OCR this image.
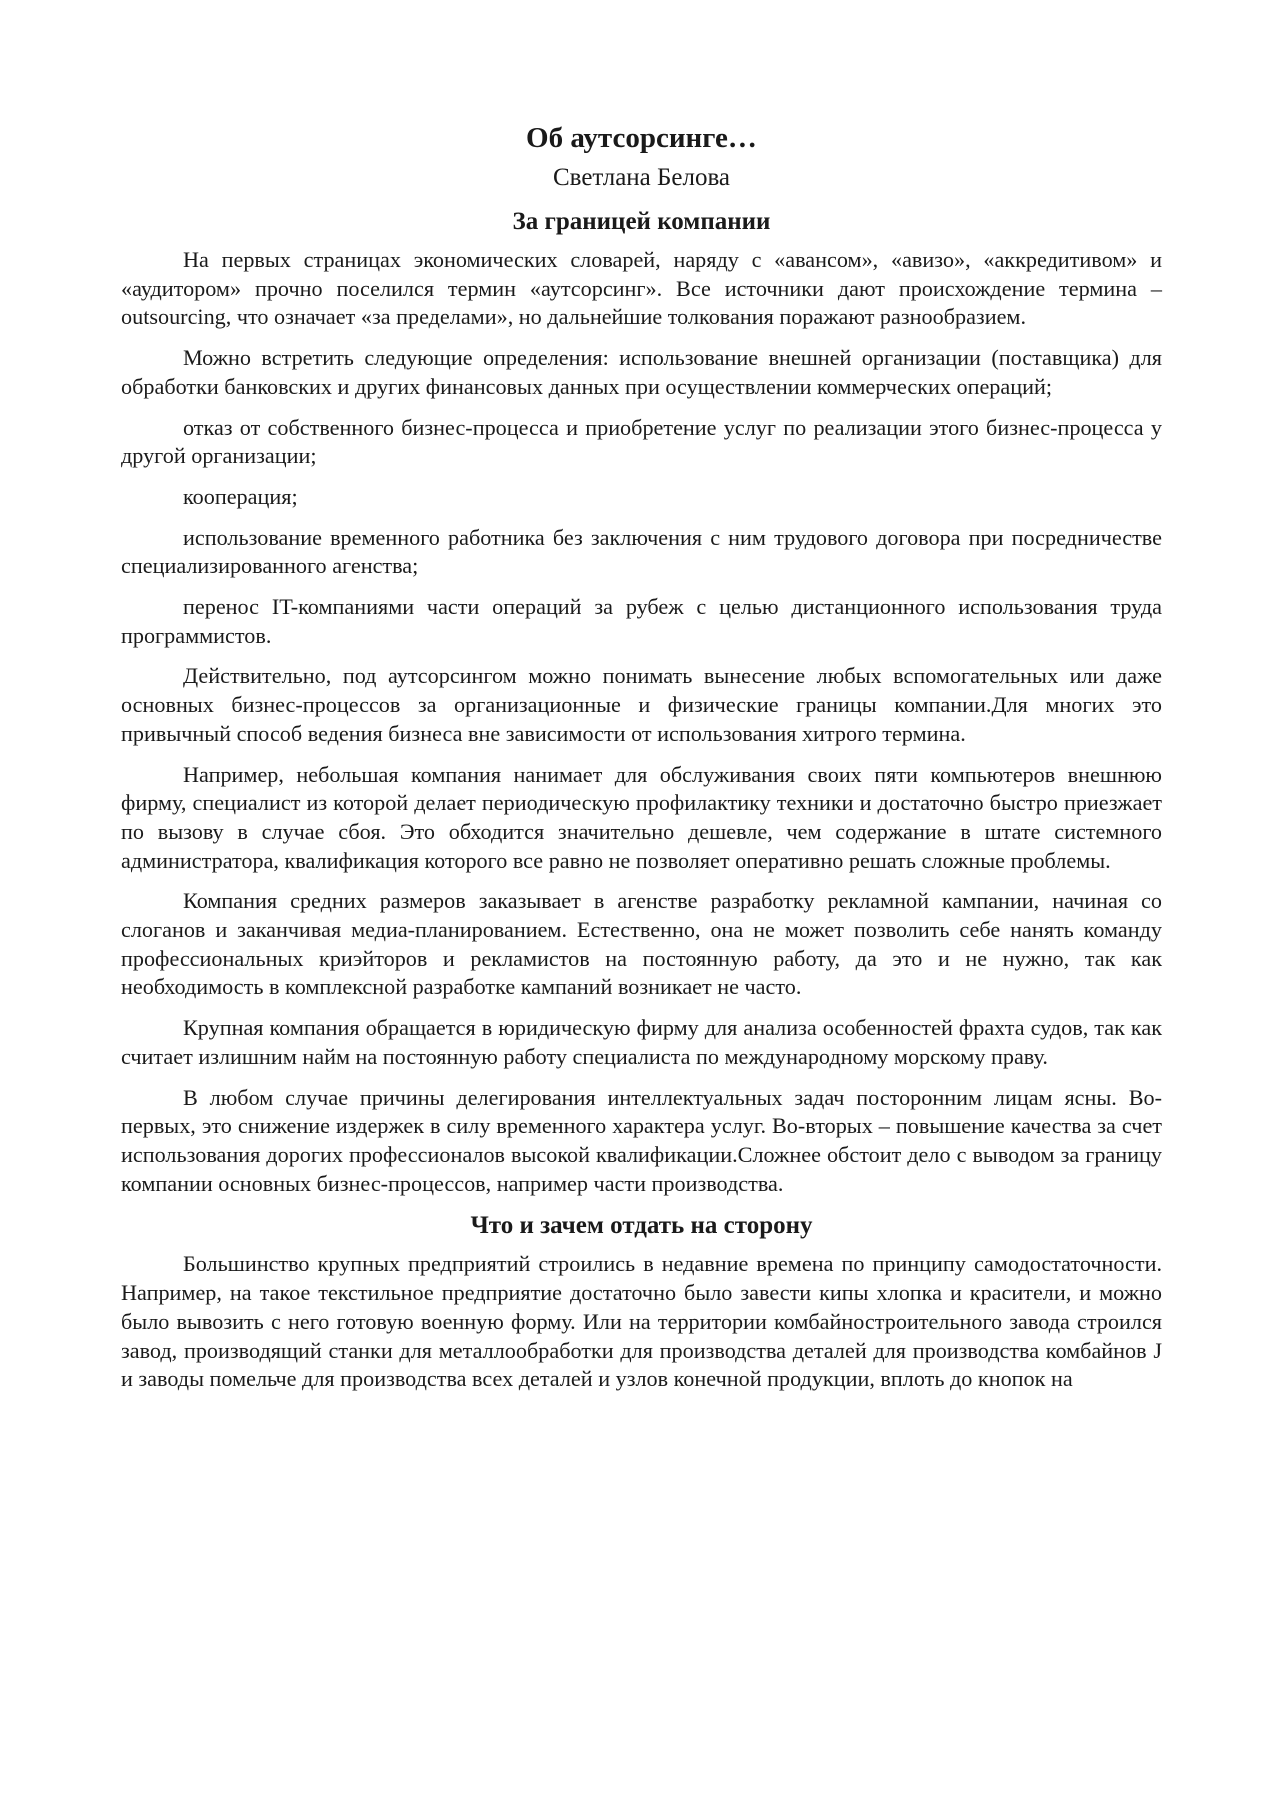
Об аутсорсинге…
Светлана Белова
За границей компании

На первых страницах экономических словарей, наряду с «авансом», «авизо», «аккредитивом» и «аудитором» прочно поселился термин «аутсорсинг». Все источники дают происхождение термина – outsourcing, что означает «за пределами», но дальнейшие толкования поражают разнообразием.

Можно встретить следующие определения: использование внешней организации (поставщика) для обработки банковских и других финансовых данных при осуществлении коммерческих операций;

отказ от собственного бизнес-процесса и приобретение услуг по реализации этого бизнес-процесса у другой организации;

кооперация;

использование временного работника без заключения с ним трудового договора при посредничестве специализированного агенства;

перенос IT-компаниями части операций за рубеж с целью дистанционного использования труда программистов.

Действительно, под аутсорсингом можно понимать вынесение любых вспомогательных или даже основных бизнес-процессов за организационные и физические границы компании.Для многих это привычный способ ведения бизнеса вне зависимости от использования хитрого термина.

Например, небольшая компания нанимает для обслуживания своих пяти компьютеров внешнюю фирму, специалист из которой делает периодическую профилактику техники и достаточно быстро приезжает по вызову в случае сбоя. Это обходится значительно дешевле, чем содержание в штате системного администратора, квалификация которого все равно не позволяет оперативно решать сложные проблемы.

Компания средних размеров заказывает в агенстве разработку рекламной кампании, начиная со слоганов и заканчивая медиа-планированием. Естественно, она не может позволить себе нанять команду профессиональных криэйторов и рекламистов на постоянную работу, да это и не нужно, так как необходимость в комплексной разработке кампаний возникает не часто.

Крупная компания обращается в юридическую фирму для анализа особенностей фрахта судов, так как считает излишним найм на постоянную работу специалиста по международному морскому праву.

В любом случае причины делегирования интеллектуальных задач посторонним лицам ясны. Во-первых, это снижение издержек в силу временного характера услуг. Во-вторых – повышение качества за счет использования дорогих профессионалов высокой квалификации.Сложнее обстоит дело с выводом за границу компании основных бизнес-процессов, например части производства.

Что и зачем отдать на сторону

Большинство крупных предприятий строились в недавние времена по принципу самодостаточности. Например, на такое текстильное предприятие достаточно было завести кипы хлопка и красители, и можно было вывозить с него готовую военную форму. Или на территории комбайностроительного завода строился завод, производящий станки для металлообработки для производства деталей для производства комбайнов J и заводы помельче для производства всех деталей и узлов конечной продукции, вплоть до кнопок на
